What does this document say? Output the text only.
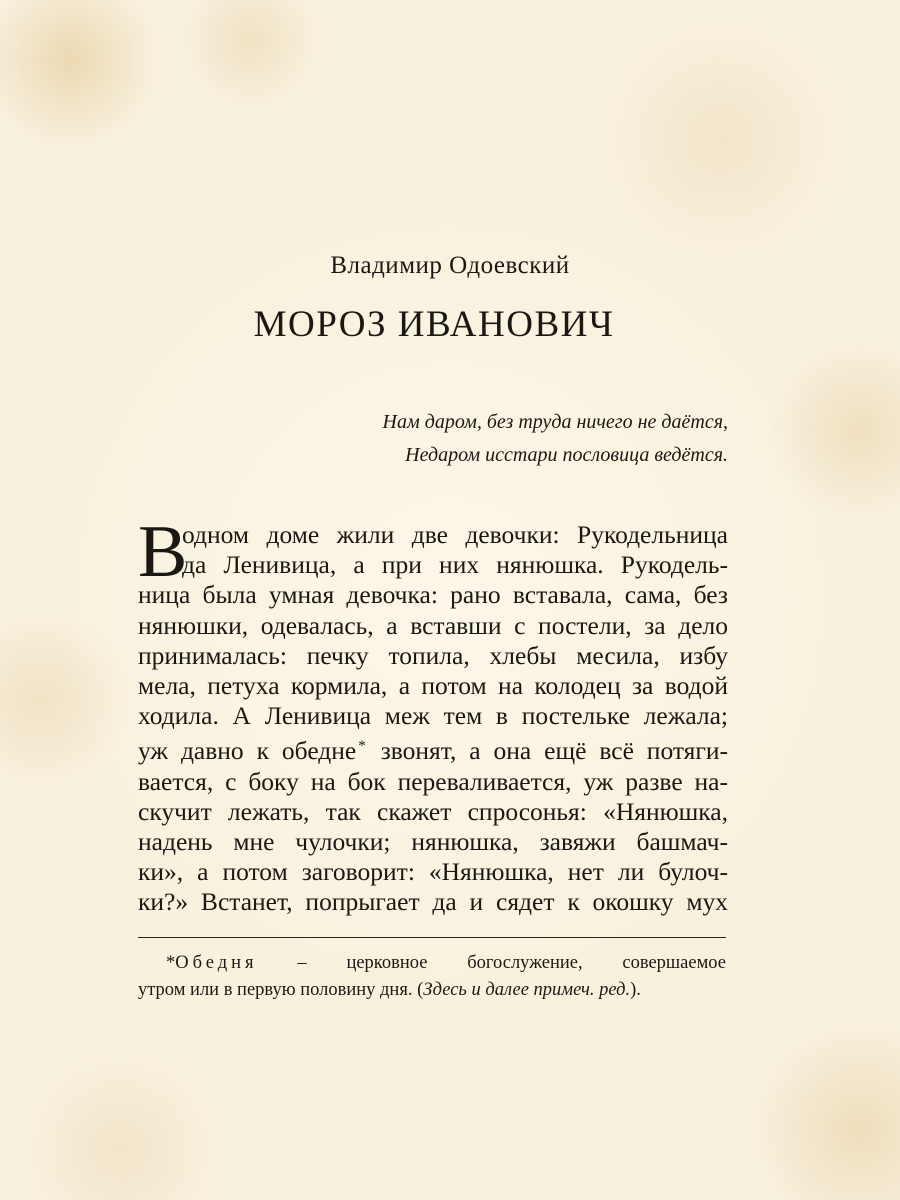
Владимир Одоевский
МОРОЗ ИВАНОВИЧ
Нам даром, без труда ничего не даётся,
Недаром исстари пословица ведётся.
В
одном доме жили две девочки: Рукодельница
да Ленивица, а при них нянюшка. Рукодель-
ница была умная девочка: рано вставала, сама, без
нянюшки, одевалась, а вставши с постели, за дело
принималась: печку топила, хлебы месила, избу
мела, петуха кормила, а потом на колодец за водой
ходила. А Ленивица меж тем в постельке лежала;
уж давно к обедне * звонят, а она ещё всё потяги-
вается, с боку на бок переваливается, уж разве на-
скучит лежать, так скажет спросонья: «Нянюшка,
надень мне чулочки; нянюшка, завяжи башмач-
ки», а потом заговорит: «Нянюшка, нет ли булоч-
ки?» Встанет, попрыгает да и сядет к окошку мух
*Обедня – церковное богослужение, совершаемое
утром или в первую половину дня. (Здесь и далее примеч. ред.).
